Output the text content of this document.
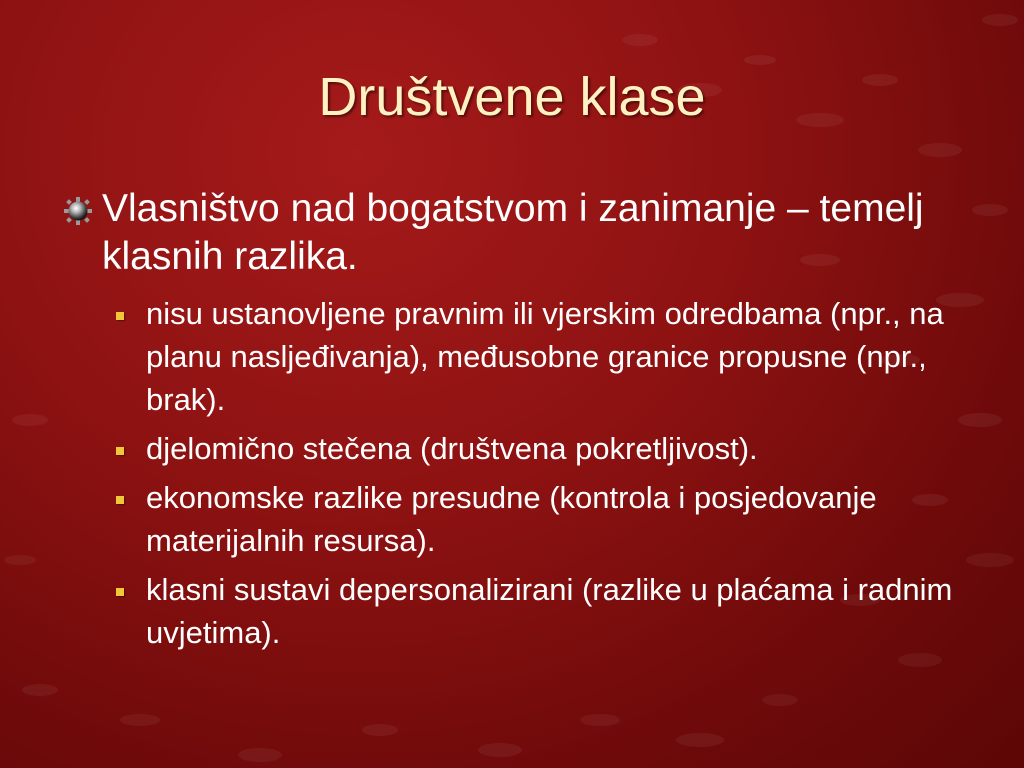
Društvene klase
Vlasništvo nad bogatstvom i zanimanje – temelj klasnih razlika.
nisu ustanovljene pravnim ili vjerskim odredbama (npr., na planu nasljeđivanja), međusobne granice propusne (npr., brak).
djelomično stečena (društvena pokretljivost).
ekonomske razlike presudne (kontrola i posjedovanje materijalnih resursa).
klasni sustavi depersonalizirani (razlike u plaćama i radnim uvjetima).
